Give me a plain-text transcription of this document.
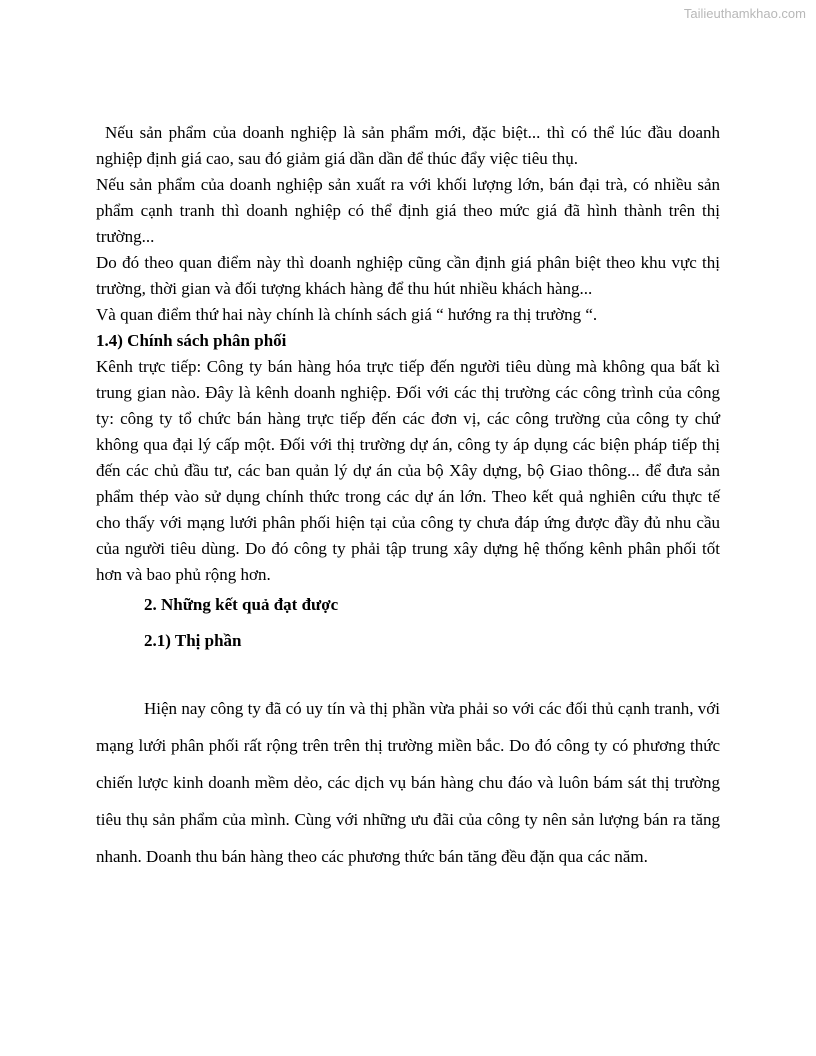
Tailieuthamkhao.com

Nếu sản phẩm của doanh nghiệp là sản phẩm mới, đặc biệt... thì có thể lúc đầu doanh nghiệp định giá cao, sau đó giảm giá dần dần để thúc đẩy việc tiêu thụ.

Nếu sản phẩm của doanh nghiệp sản xuất ra với khối lượng lớn, bán đại trà, có nhiều sản phẩm cạnh tranh thì doanh nghiệp có thể định giá theo mức giá đã hình thành trên thị trường...

Do đó theo quan điểm này thì doanh nghiệp cũng cần định giá phân biệt theo khu vực thị trường, thời gian và đối tượng khách hàng để thu hút nhiều khách hàng...

Và quan điểm thứ hai này chính là chính sách giá “ hướng ra thị trường “.

1.4) Chính sách phân phối

Kênh trực tiếp: Công ty bán hàng hóa trực tiếp đến người tiêu dùng mà không qua bất kì trung gian nào. Đây là kênh doanh nghiệp. Đối với các thị trường các công trình của công ty: công ty tổ chức bán hàng trực tiếp đến các đơn vị, các công trường của công ty chứ không qua đại lý cấp một. Đối với thị trường dự án, công ty áp dụng các biện pháp tiếp thị đến các chủ đầu tư, các ban quản lý dự án của bộ Xây dựng, bộ Giao thông... để đưa sản phẩm thép vào sử dụng chính thức trong các dự án lớn. Theo kết quả nghiên cứu thực tế cho thấy với mạng lưới phân phối hiện tại của công ty chưa đáp ứng được đầy đủ nhu cầu của người tiêu dùng. Do đó công ty phải tập trung xây dựng hệ thống kênh phân phối tốt hơn và bao phủ rộng hơn.

2. Những kết quả đạt được
2.1) Thị phần

Hiện nay công ty đã có uy tín và thị phần vừa phải so với các đối thủ cạnh tranh, với mạng lưới phân phối rất rộng trên trên thị trường miền bắc. Do đó công ty có phương thức chiến lược kinh doanh mềm dẻo, các dịch vụ bán hàng chu đáo và luôn bám sát thị trường tiêu thụ sản phẩm của mình. Cùng với những ưu đãi của công ty nên sản lượng bán ra tăng nhanh. Doanh thu bán hàng theo các phương thức bán tăng đều đặn qua các năm.
